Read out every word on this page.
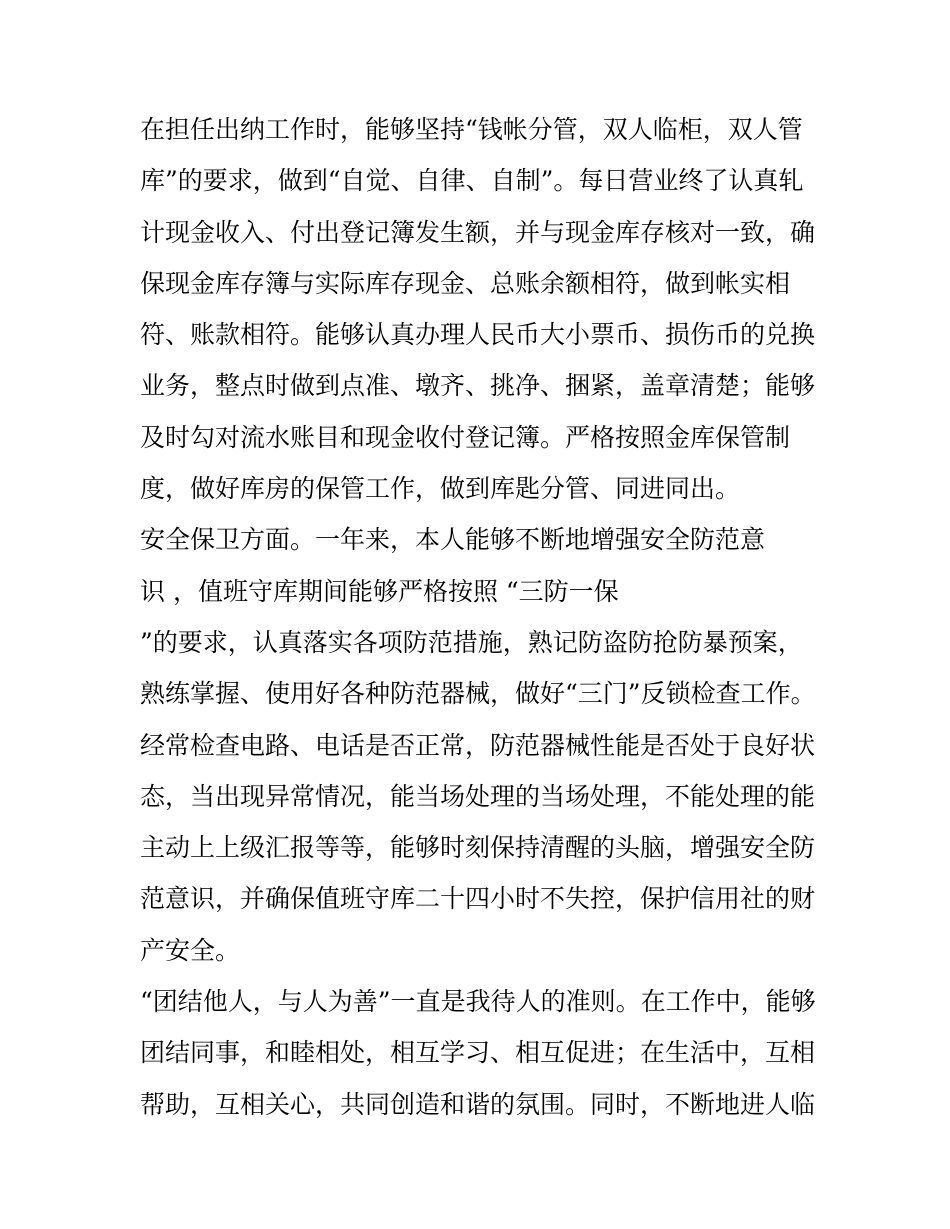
在担任出纳工作时，能够坚持“钱帐分管，双人临柜，双人管
库”的要求，做到“自觉、自律、自制”。每日营业终了认真轧
计现金收入、付出登记簿发生额，并与现金库存核对一致，确
保现金库存簿与实际库存现金、总账余额相符，做到帐实相
符、账款相符。能够认真办理人民币大小票币、损伤币的兑换
业务，整点时做到点准、墩齐、挑净、捆紧，盖章清楚；能够
及时勾对流水账目和现金收付登记簿。严格按照金库保管制
度，做好库房的保管工作，做到库匙分管、同进同出。
安全保卫方面。一年来，本人能够不断地增强安全防范意
识 ，值班守库期间能够严格按照 “三防一保
”的要求，认真落实各项防范措施，熟记防盗防抢防暴预案，
熟练掌握、使用好各种防范器械，做好“三门”反锁检查工作。
经常检查电路、电话是否正常，防范器械性能是否处于良好状
态，当出现异常情况，能当场处理的当场处理，不能处理的能
主动上上级汇报等等，能够时刻保持清醒的头脑，增强安全防
范意识，并确保值班守库二十四小时不失控，保护信用社的财
产安全。
“团结他人，与人为善”一直是我待人的准则。在工作中，能够
团结同事，和睦相处，相互学习、相互促进；在生活中，互相
帮助，互相关心，共同创造和谐的氛围。同时，不断地进人临
